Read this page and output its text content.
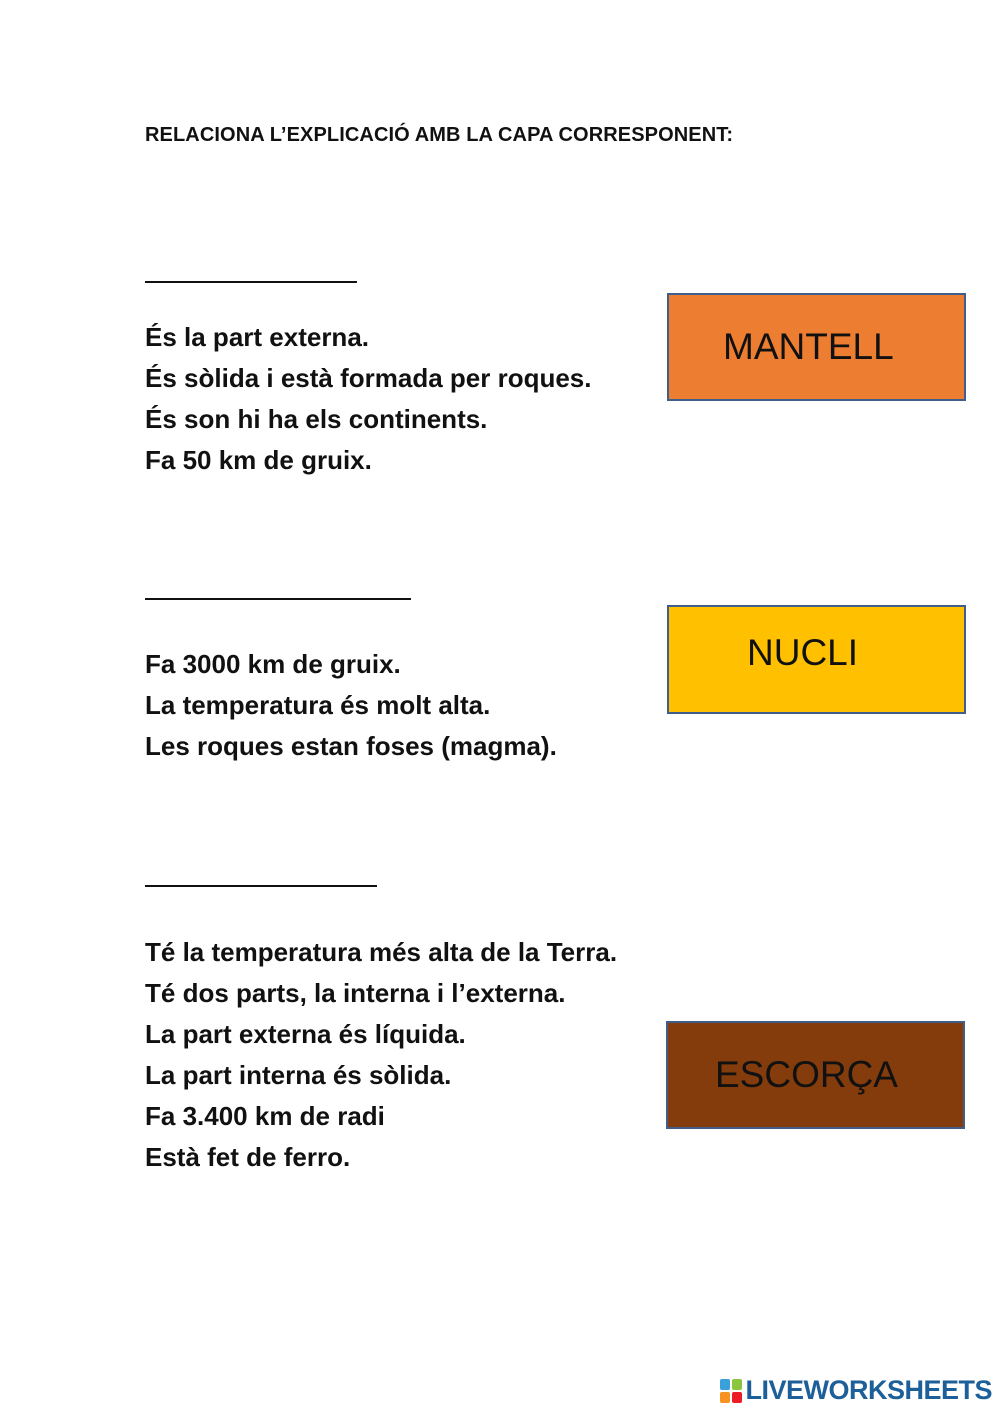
RELACIONA L’EXPLICACIÓ AMB LA CAPA CORRESPONENT:
És la part externa.
És sòlida i està formada per roques.
És son hi ha els continents.
Fa 50 km de gruix.
Fa 3000 km de gruix.
La temperatura és molt alta.
Les roques estan foses (magma).
Té la temperatura més alta de la Terra.
Té dos parts, la interna i l’externa.
La part externa és líquida.
La part interna és sòlida.
Fa 3.400 km de radi
Està fet de ferro.
MANTELL
NUCLI
ESCORÇA
LIVEWORKSHEETS
